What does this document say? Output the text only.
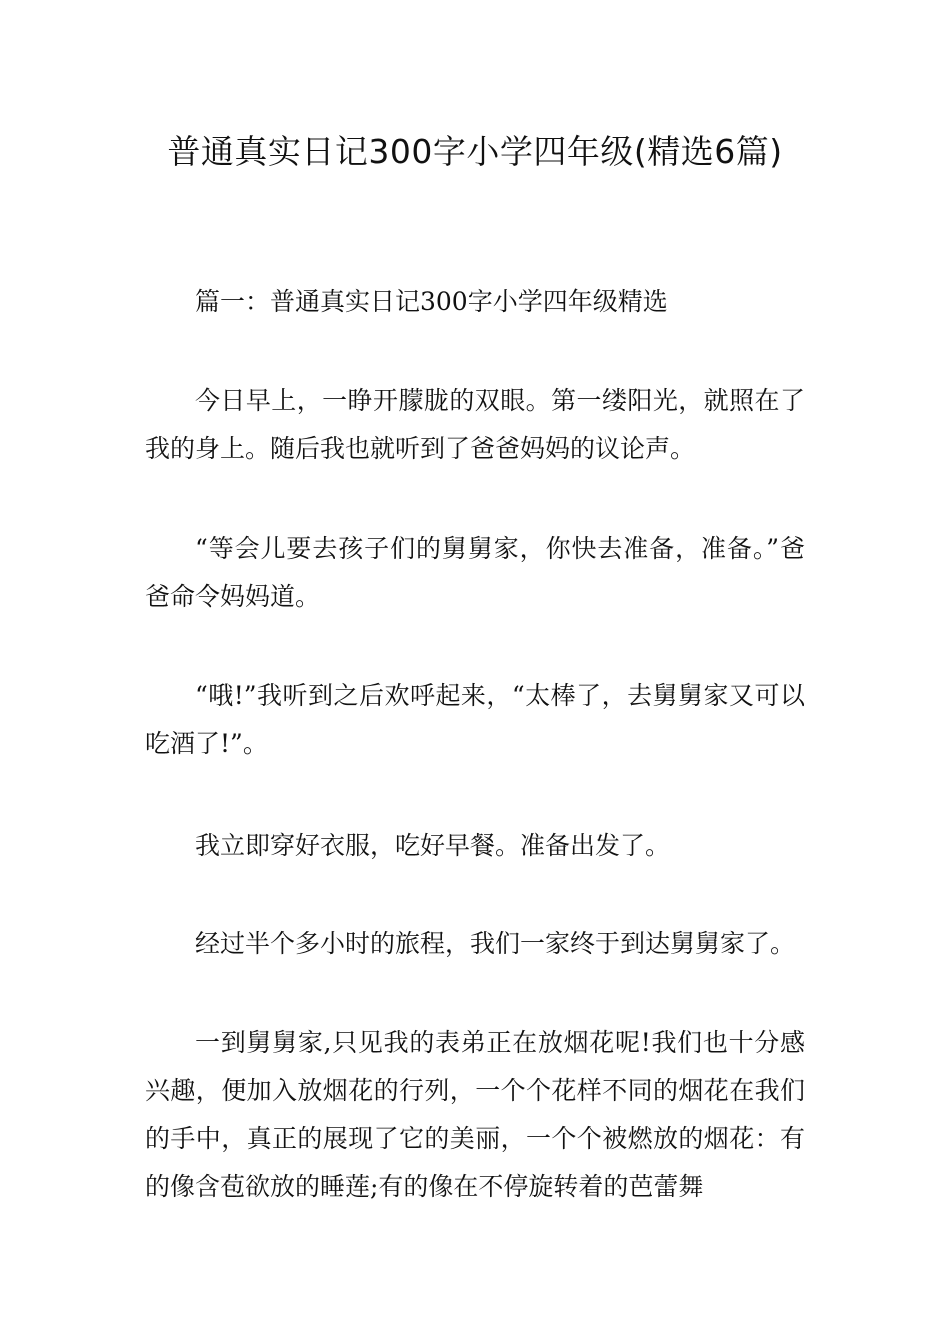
普通真实日记300字小学四年级(精选6篇)

篇一：普通真实日记300字小学四年级精选

今日早上，一睁开朦胧的双眼。第一缕阳光，就照在了我的身上。随后我也就听到了爸爸妈妈的议论声。

“等会儿要去孩子们的舅舅家，你快去准备，准备。”爸爸命令妈妈道。

“哦!”我听到之后欢呼起来，“太棒了，去舅舅家又可以吃酒了!”。

我立即穿好衣服，吃好早餐。准备出发了。

经过半个多小时的旅程，我们一家终于到达舅舅家了。

一到舅舅家,只见我的表弟正在放烟花呢!我们也十分感兴趣，便加入放烟花的行列，一个个花样不同的烟花在我们的手中，真正的展现了它的美丽，一个个被燃放的烟花：有的像含苞欲放的睡莲;有的像在不停旋转着的芭蕾舞
